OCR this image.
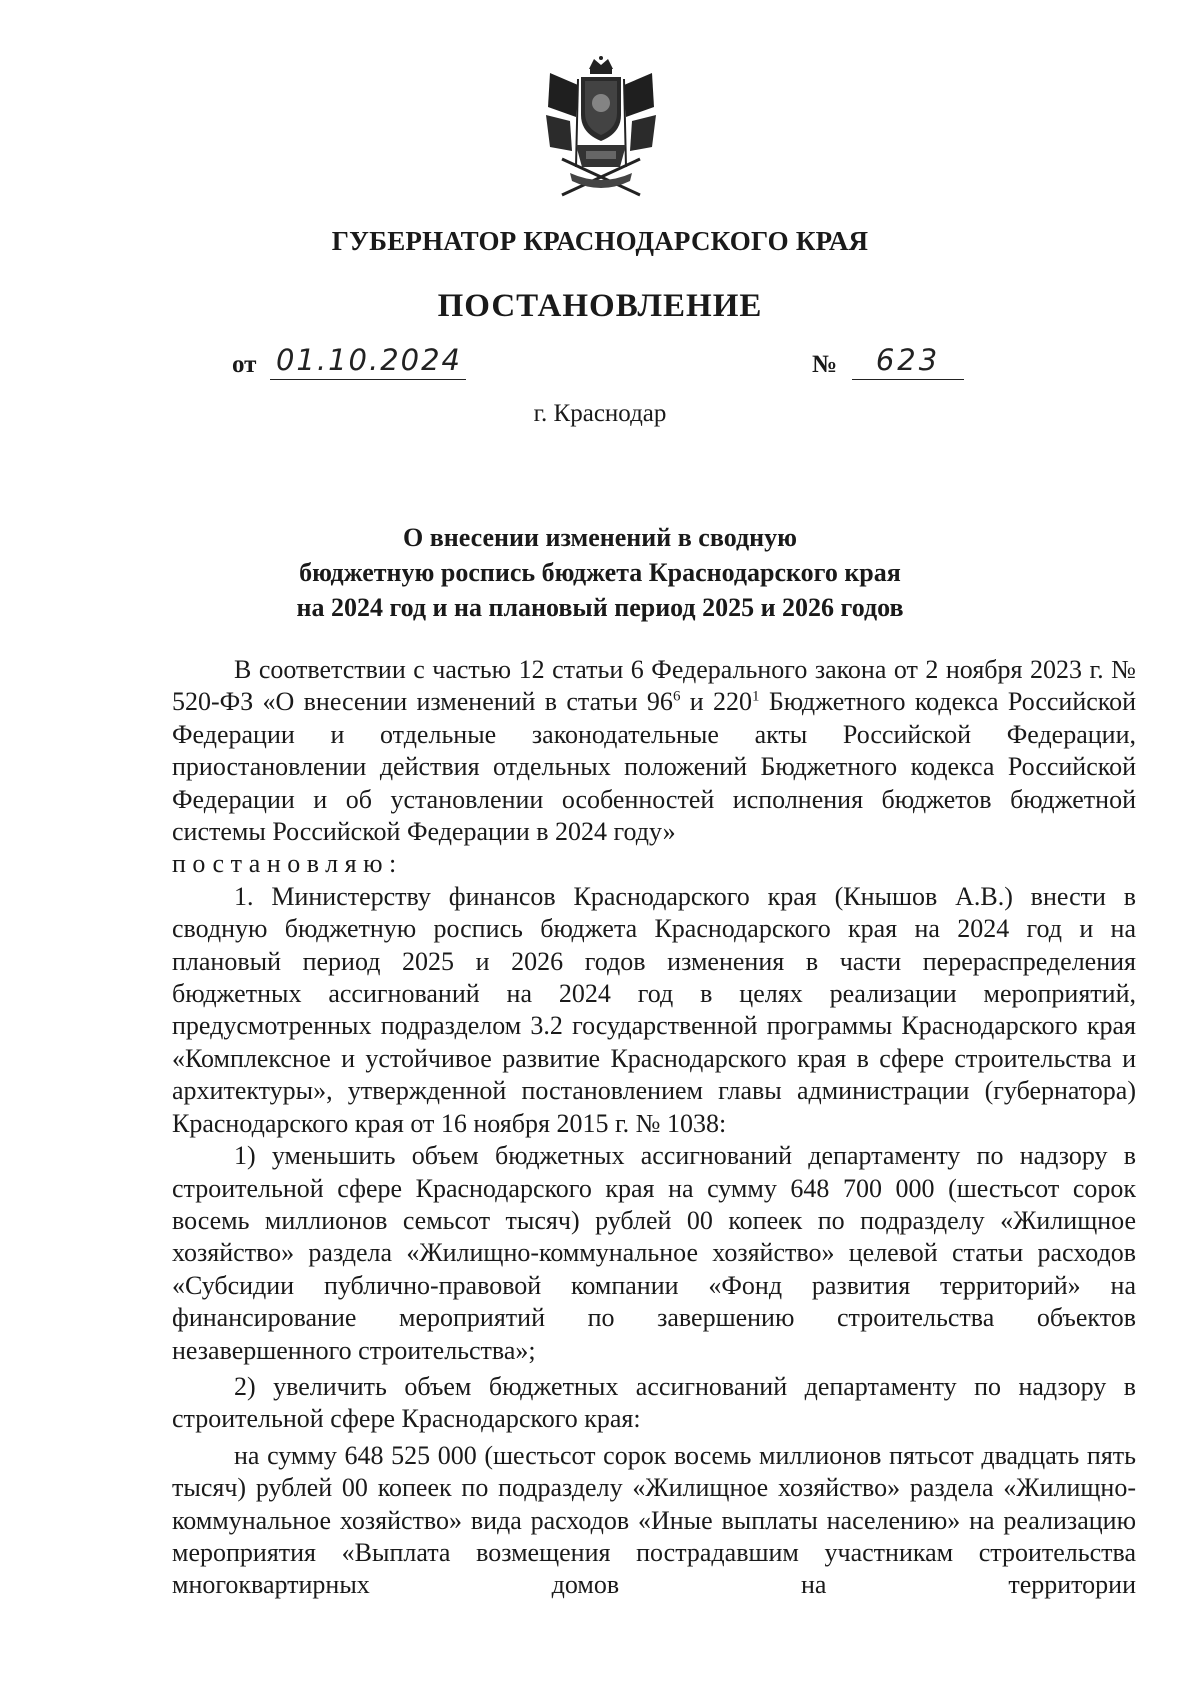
ГУБЕРНАТОР КРАСНОДАРСКОГО КРАЯ
ПОСТАНОВЛЕНИЕ
от 01.10.2024	№	623
г. Краснодар
О внесении изменений в сводную
бюджетную роспись бюджета Краснодарского края
на 2024 год и на плановый период 2025 и 2026 годов

В соответствии с частью 12 статьи 6 Федерального закона от 2 ноября 2023 г. № 520-ФЗ «О внесении изменений в статьи $96^6$ и $220^1$ Бюджетного кодекса Российской Федерации и отдельные законодательные акты Российской Федерации, приостановлении действия отдельных положений Бюджетного кодекса Российской Федерации и об установлении особенностей исполнения бюджетов бюджетной системы Российской Федерации в 2024 году»

постановляю:

1. Министерству финансов Краснодарского края (Кнышов А.В.) внести в сводную бюджетную роспись бюджета Краснодарского края на 2024 год и на плановый период 2025 и 2026 годов изменения в части перераспределения бюджетных ассигнований на 2024 год в целях реализации мероприятий, предусмотренных подразделом 3.2 государственной программы Краснодарского края «Комплексное и устойчивое развитие Краснодарского края в сфере строительства и архитектуры», утвержденной постановлением главы администрации (губернатора) Краснодарского края от 16 ноября 2015 г. № 1038:

1) уменьшить объем бюджетных ассигнований департаменту по надзору в строительной сфере Краснодарского края на сумму 648 700 000 (шестьсот сорок восемь миллионов семьсот тысяч) рублей 00 копеек по подразделу «Жилищное хозяйство» раздела «Жилищно-коммунальное хозяйство» целевой статьи расходов «Субсидии публично-правовой компании «Фонд развития территорий» на финансирование мероприятий по завершению строительства объектов незавершенного строительства»;

2) увеличить объем бюджетных ассигнований департаменту по надзору в строительной сфере Краснодарского края:

на сумму 648 525 000 (шестьсот сорок восемь миллионов пятьсот двадцать пять тысяч) рублей 00 копеек по подразделу «Жилищное хозяйство» раздела «Жилищно-коммунальное хозяйство» вида расходов «Иные выплаты населению» на реализацию мероприятия «Выплата возмещения пострадавшим участникам строительства многоквартирных домов на территории
